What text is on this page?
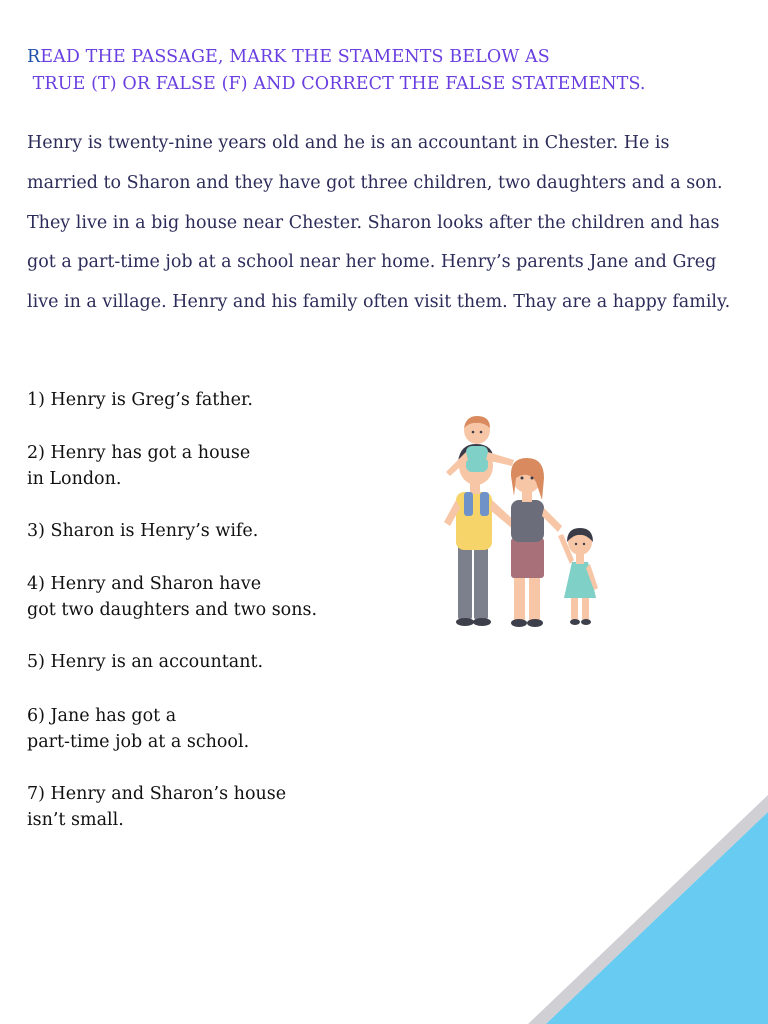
READ THE PASSAGE, MARK THE STAMENTS BELOW AS
TRUE (T) OR FALSE (F) AND CORRECT THE FALSE STATEMENTS.
Henry is twenty-nine years old and he is an accountant in Chester. He is married to Sharon and they have got three children, two daughters and a son. They live in a big house near Chester. Sharon looks after the children and has got a part-time job at a school near her home. Henry’s parents Jane and Greg live in a village. Henry and his family often visit them. Thay are a happy family.
1) Henry is Greg’s father.
2) Henry has got a house
in London.
3) Sharon is Henry’s wife.
4) Henry and Sharon have
got two daughters and two sons.
5) Henry is an accountant.
6) Jane has got a
part-time job at a school.
7) Henry and Sharon’s house
isn’t small.
